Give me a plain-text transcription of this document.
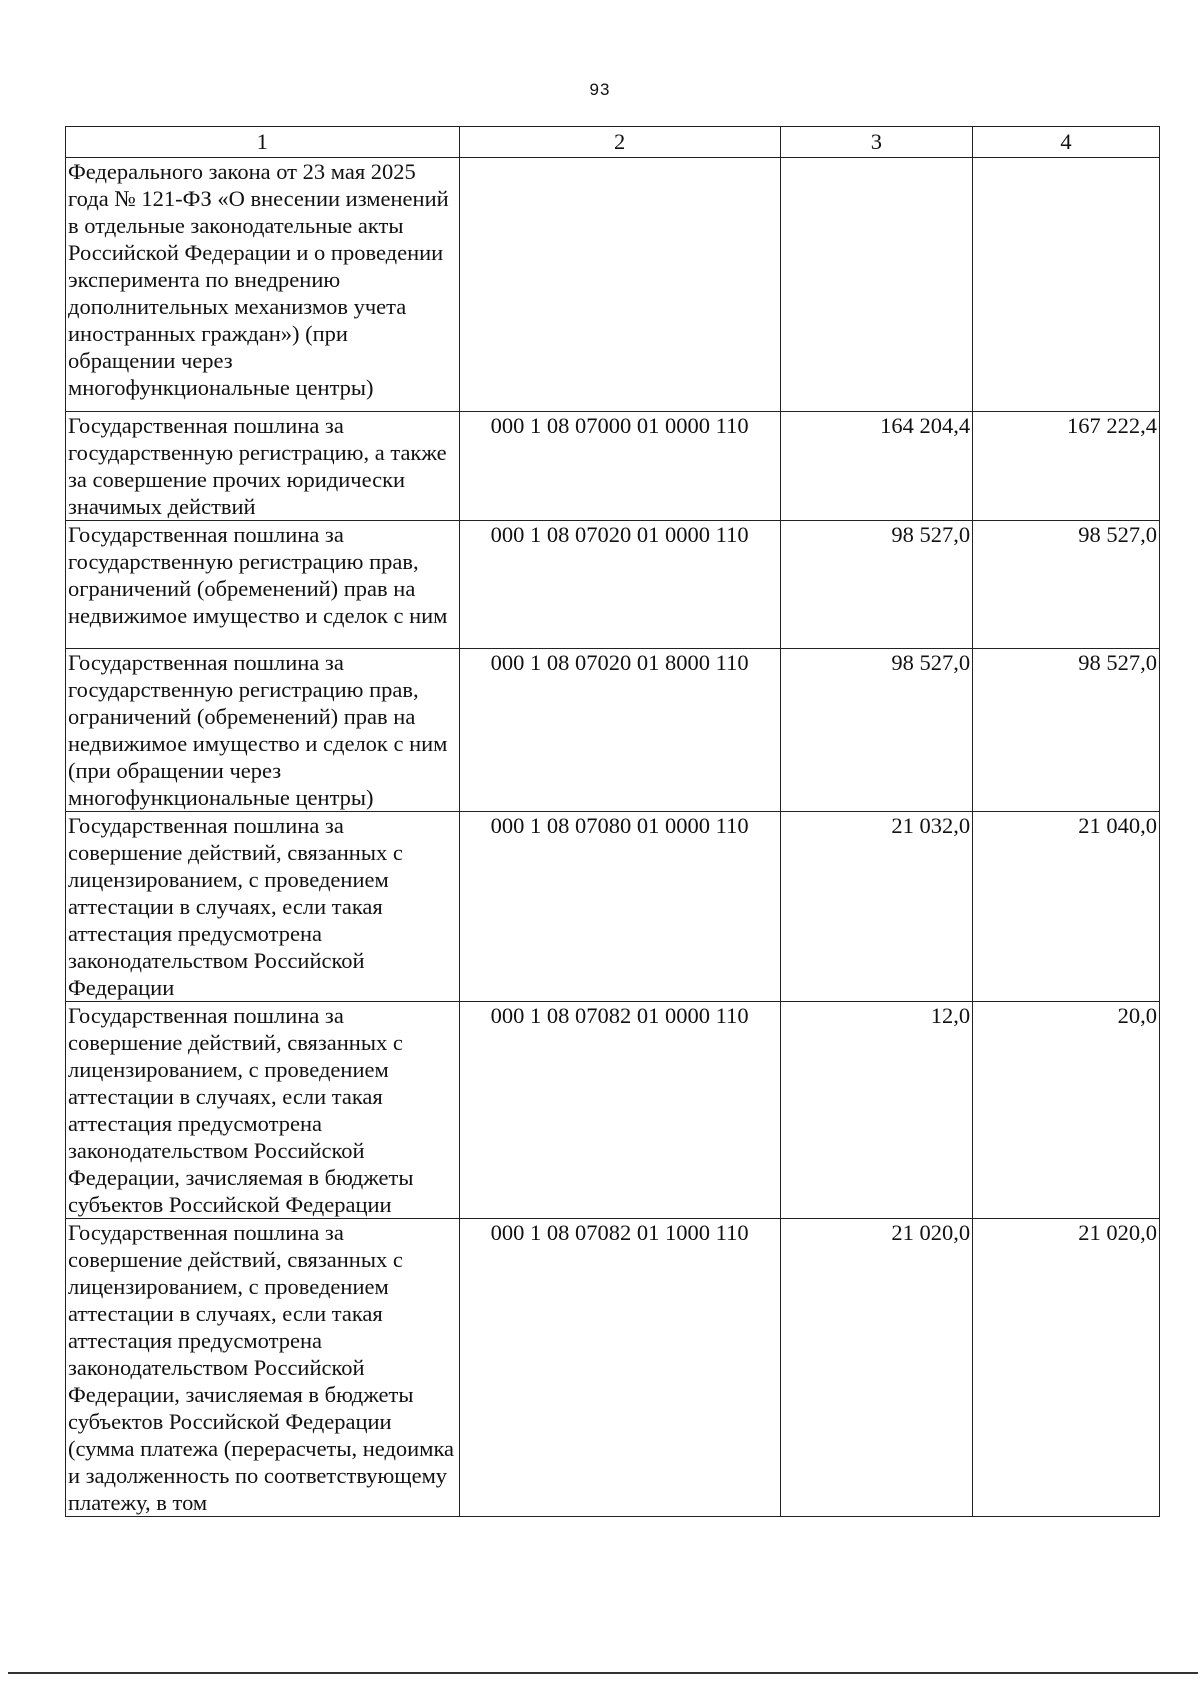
93
1	2	3	4
Федерального закона от 23 мая 2025 года № 121-ФЗ «О внесении изменений в отдельные законодательные акты Российской Федерации и о проведении эксперимента по внедрению дополнительных механизмов учета иностранных граждан») (при обращении через многофункциональные центры)			
Государственная пошлина за государственную регистрацию, а также за совершение прочих юридически значимых действий	000 1 08 07000 01 0000 110	164 204,4	167 222,4
Государственная пошлина за государственную регистрацию прав, ограничений (обременений) прав на недвижимое имущество и сделок с ним	000 1 08 07020 01 0000 110	98 527,0	98 527,0
Государственная пошлина за государственную регистрацию прав, ограничений (обременений) прав на недвижимое имущество и сделок с ним (при обращении через многофункциональные центры)	000 1 08 07020 01 8000 110	98 527,0	98 527,0
Государственная пошлина за совершение действий, связанных с лицензированием, с проведением аттестации в случаях, если такая аттестация предусмотрена законодательством Российской Федерации	000 1 08 07080 01 0000 110	21 032,0	21 040,0
Государственная пошлина за совершение действий, связанных с лицензированием, с проведением аттестации в случаях, если такая аттестация предусмотрена законодательством Российской Федерации, зачисляемая в бюджеты субъектов Российской Федерации	000 1 08 07082 01 0000 110	12,0	20,0
Государственная пошлина за совершение действий, связанных с лицензированием, с проведением аттестации в случаях, если такая аттестация предусмотрена законодательством Российской Федерации, зачисляемая в бюджеты субъектов Российской Федерации (сумма платежа (перерасчеты, недоимка и задолженность по соответствующему платежу, в том	000 1 08 07082 01 1000 110	21 020,0	21 020,0
